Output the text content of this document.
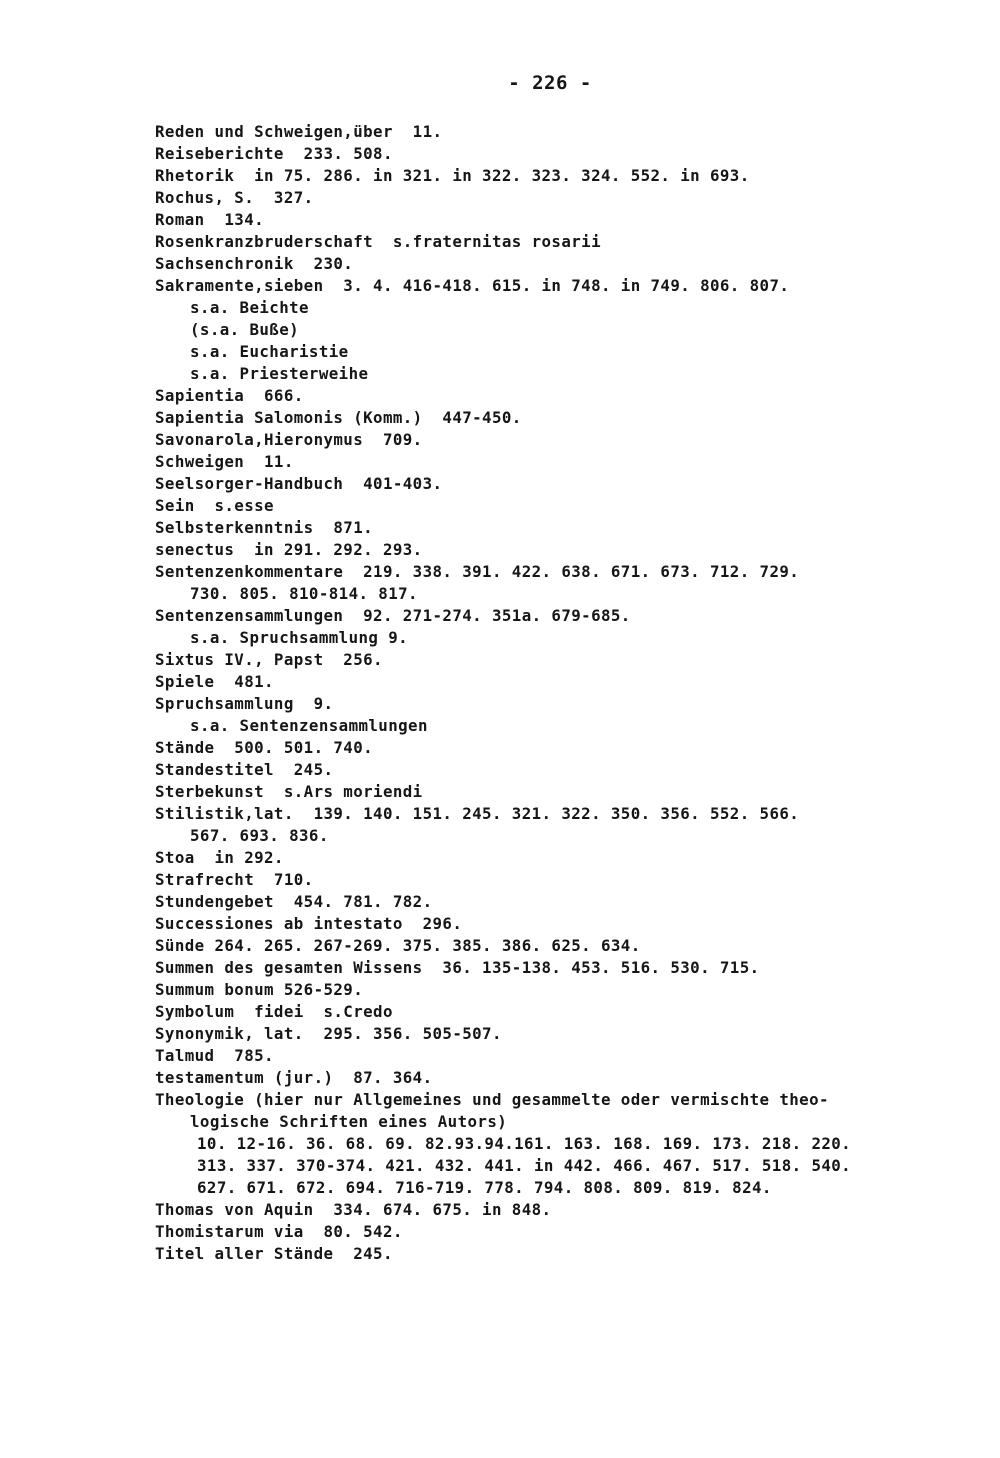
- 226 -
Reden und Schweigen,über  11.
Reiseberichte  233. 508.
Rhetorik  in 75. 286. in 321. in 322. 323. 324. 552. in 693.
Rochus, S.  327.
Roman  134.
Rosenkranzbruderschaft  s.fraternitas rosarii
Sachsenchronik  230.
Sakramente,sieben  3. 4. 416-418. 615. in 748. in 749. 806. 807.
s.a. Beichte
(s.a. Buße)
s.a. Eucharistie
s.a. Priesterweihe
Sapientia  666.
Sapientia Salomonis (Komm.)  447-450.
Savonarola,Hieronymus  709.
Schweigen  11.
Seelsorger-Handbuch  401-403.
Sein  s.esse
Selbsterkenntnis  871.
senectus  in 291. 292. 293.
Sentenzenkommentare  219. 338. 391. 422. 638. 671. 673. 712. 729.
730. 805. 810-814. 817.
Sentenzensammlungen  92. 271-274. 351a. 679-685.
s.a. Spruchsammlung 9.
Sixtus IV., Papst  256.
Spiele  481.
Spruchsammlung  9.
s.a. Sentenzensammlungen
Stände  500. 501. 740.
Standestitel  245.
Sterbekunst  s.Ars moriendi
Stilistik,lat.  139. 140. 151. 245. 321. 322. 350. 356. 552. 566.
567. 693. 836.
Stoa  in 292.
Strafrecht  710.
Stundengebet  454. 781. 782.
Successiones ab intestato  296.
Sünde 264. 265. 267-269. 375. 385. 386. 625. 634.
Summen des gesamten Wissens  36. 135-138. 453. 516. 530. 715.
Summum bonum 526-529.
Symbolum  fidei  s.Credo
Synonymik, lat.  295. 356. 505-507.
Talmud  785.
testamentum (jur.)  87. 364.
Theologie (hier nur Allgemeines und gesammelte oder vermischte theo-
logische Schriften eines Autors)
10. 12-16. 36. 68. 69. 82.93.94.161. 163. 168. 169. 173. 218. 220.
313. 337. 370-374. 421. 432. 441. in 442. 466. 467. 517. 518. 540.
627. 671. 672. 694. 716-719. 778. 794. 808. 809. 819. 824.
Thomas von Aquin  334. 674. 675. in 848.
Thomistarum via  80. 542.
Titel aller Stände  245.
